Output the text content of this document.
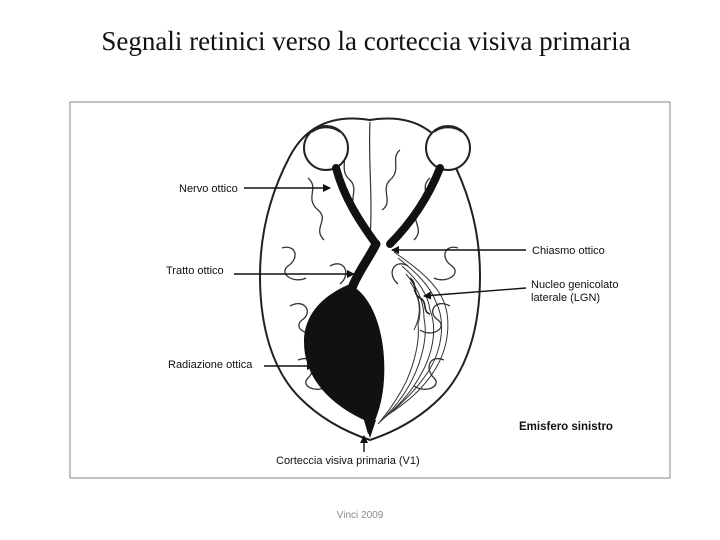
Segnali retinici verso la corteccia visiva primaria
Nervo ottico
Chiasmo ottico
Tratto ottico
Nucleo genicolato
laterale (LGN)
Radiazione ottica
Emisfero sinistro
Corteccia visiva primaria (V1)
Vinci 2009
